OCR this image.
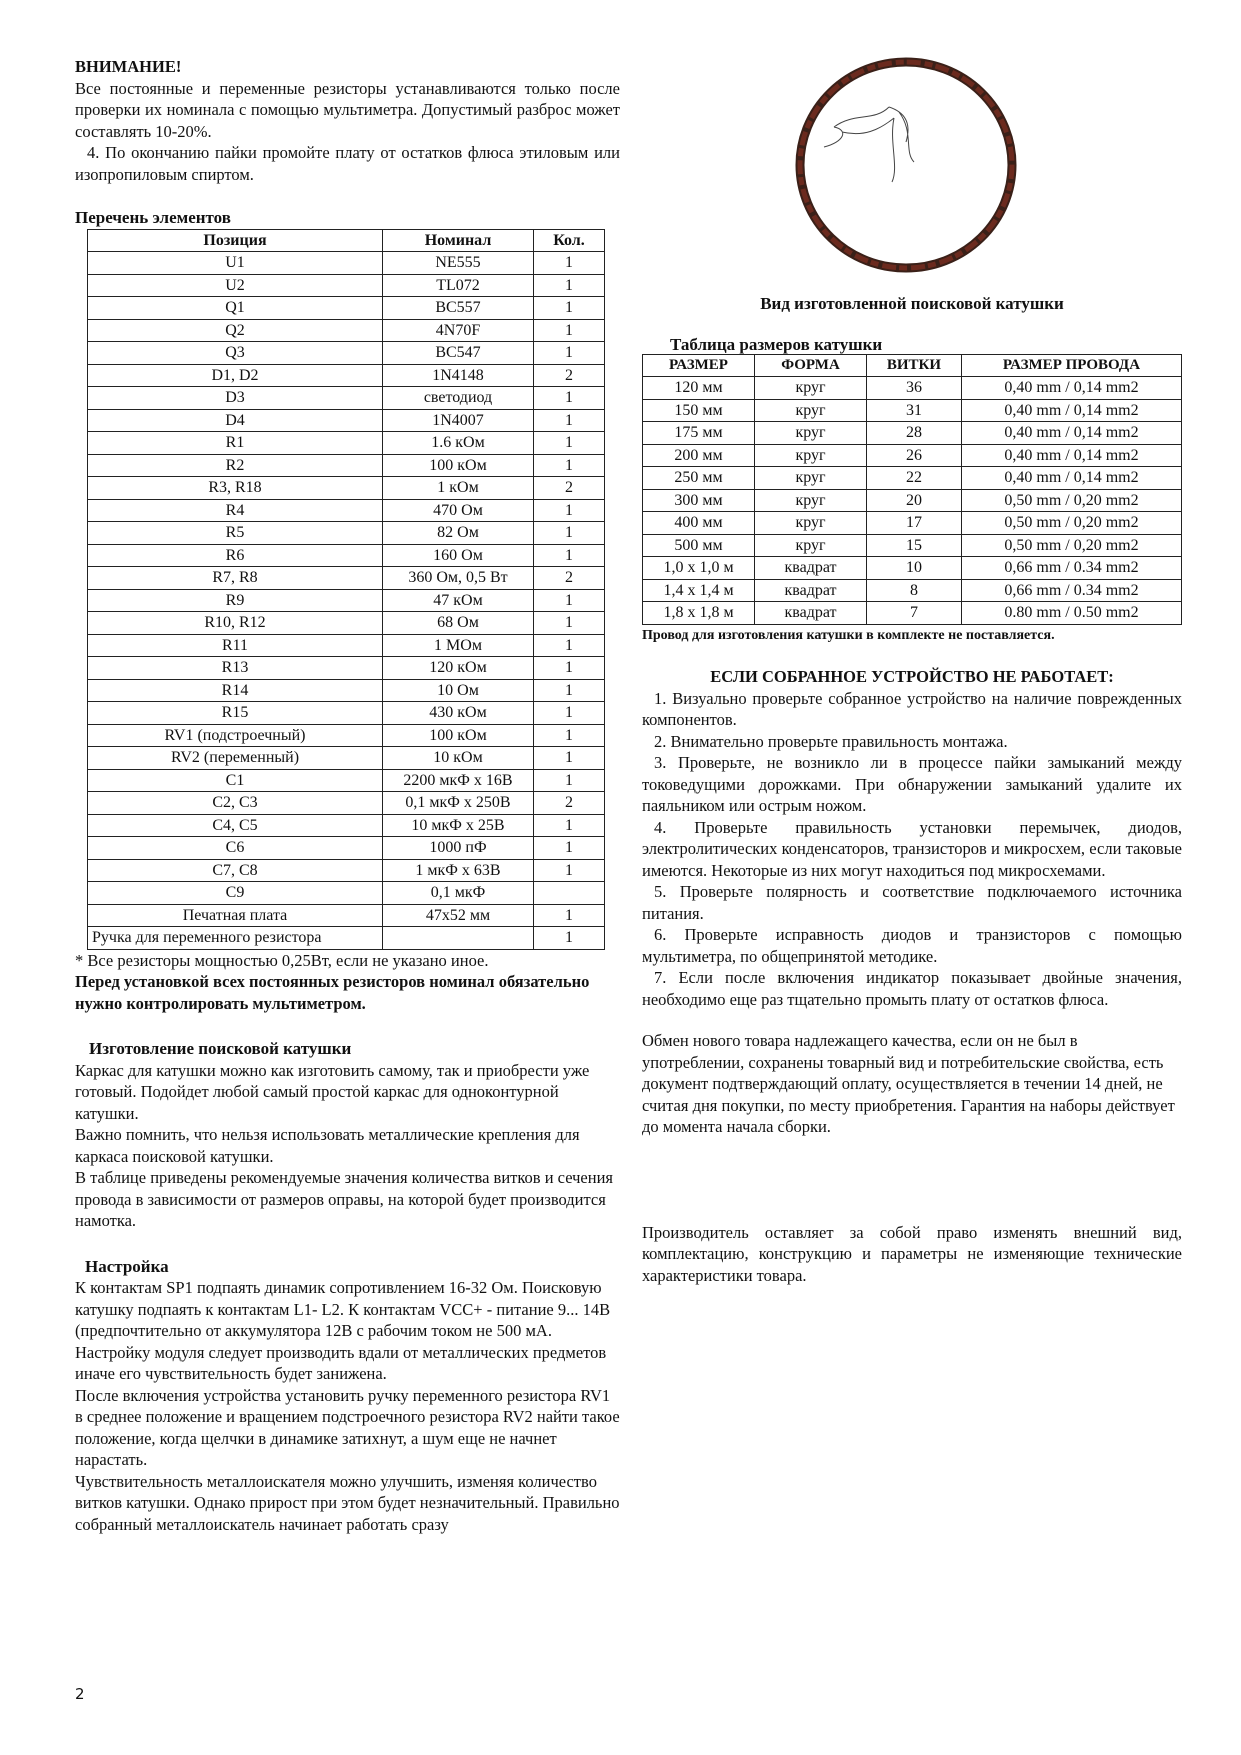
ВНИМАНИЕ!

Все постоянные и переменные резисторы устанавливаются только после проверки их номинала с помощью мультиметра. Допустимый разброс может составлять 10-20%.

4. По окончанию пайки промойте плату от остатков флюса этиловым или изопропиловым спиртом.

Перечень элементов

Позиция	Номинал	Кол.
U1	NE555	1
U2	TL072	1
Q1	BC557	1
Q2	4N70F	1
Q3	BC547	1
D1, D2	1N4148	2
D3	светодиод	1
D4	1N4007	1
R1	1.6 кОм	1
R2	100 кОм	1
R3, R18	1 кОм	2
R4	470 Ом	1
R5	82 Ом	1
R6	160 Ом	1
R7, R8	360 Ом, 0,5 Вт	2
R9	47 кОм	1
R10, R12	68 Ом	1
R11	1 МОм	1
R13	120 кОм	1
R14	10 Ом	1
R15	430 кОм	1
RV1 (подстроечный)	100 кОм	1
RV2 (переменный)	10 кОм	1
C1	2200 мкФ х 16В	1
C2, C3	0,1 мкФ х 250В	2
C4, C5	10 мкФ х 25В	1
C6	1000 пФ	1
C7, C8	1 мкФ х 63В	1
C9	0,1 мкФ	
Печатная плата	47х52 мм	1
Ручка для переменного резистора		1

* Все резисторы мощностью 0,25Вт, если не указано иное.

Перед установкой всех постоянных резисторов номинал обязательно нужно контролировать мультиметром.

Изготовление поисковой катушки

Каркас для катушки можно как изготовить самому, так и приобрести уже готовый. Подойдет любой самый простой каркас для одноконтурной катушки.

Важно помнить, что нельзя использовать металлические крепления для каркаса поисковой катушки.

В таблице приведены рекомендуемые значения количества витков и сечения провода в зависимости от размеров оправы, на которой будет производится намотка.

Настройка

К контактам SP1 подпаять динамик сопротивлением 16-32 Ом. Поисковую катушку подпаять к контактам L1- L2. К контактам VCC+ - питание 9... 14В (предпочтительно от аккумулятора 12В с рабочим током не 500 мА.

Настройку модуля следует производить вдали от металлических предметов иначе его чувствительность будет занижена.

После включения устройства установить ручку переменного резистора RV1 в среднее положение и вращением подстроечного резистора RV2 найти такое положение, когда щелчки в динамике затихнут, а шум еще не начнет нарастать.

Чувствительность металлоискателя можно улучшить, изменяя количество витков катушки. Однако прирост при этом будет незначительный. Правильно собранный металлоискатель начинает работать сразу

Вид изготовленной поисковой катушки

Таблица размеров катушки

РАЗМЕР	ФОРМА	ВИТКИ	РАЗМЕР ПРОВОДА
120 мм	круг	36	0,40 mm / 0,14 mm2
150 мм	круг	31	0,40 mm / 0,14 mm2
175 мм	круг	28	0,40 mm / 0,14 mm2
200 мм	круг	26	0,40 mm / 0,14 mm2
250 мм	круг	22	0,40 mm / 0,14 mm2
300 мм	круг	20	0,50 mm / 0,20 mm2
400 мм	круг	17	0,50 mm / 0,20 mm2
500 мм	круг	15	0,50 mm / 0,20 mm2
1,0 х 1,0 м	квадрат	10	0,66 mm / 0.34 mm2
1,4 х 1,4 м	квадрат	8	0,66 mm / 0.34 mm2
1,8 х 1,8 м	квадрат	7	0.80 mm / 0.50 mm2

Провод для изготовления катушки в комплекте не поставляется.

ЕСЛИ СОБРАННОЕ УСТРОЙСТВО НЕ РАБОТАЕТ:

1. Визуально проверьте собранное устройство на наличие поврежденных компонентов.

2. Внимательно проверьте правильность монтажа.

3. Проверьте, не возникло ли в процессе пайки замыканий между токоведущими дорожками. При обнаружении замыканий удалите их паяльником или острым ножом.

4. Проверьте правильность установки перемычек, диодов, электролитических конденсаторов, транзисторов и микросхем, если таковые имеются. Некоторые из них могут находиться под микросхемами.

5. Проверьте полярность и соответствие подключаемого источника питания.

6. Проверьте исправность диодов и транзисторов с помощью мультиметра, по общепринятой методике.

7. Если после включения индикатор показывает двойные значения, необходимо еще раз тщательно промыть плату от остатков флюса.

Обмен нового товара надлежащего качества, если он не был в употреблении, сохранены товарный вид и потребительские свойства, есть документ подтверждающий оплату, осуществляется в течении 14 дней, не считая дня покупки, по месту приобретения. Гарантия на наборы действует до момента начала сборки.

Производитель оставляет за собой право изменять внешний вид, комплектацию, конструкцию и параметры не изменяющие технические характеристики товара.

2
